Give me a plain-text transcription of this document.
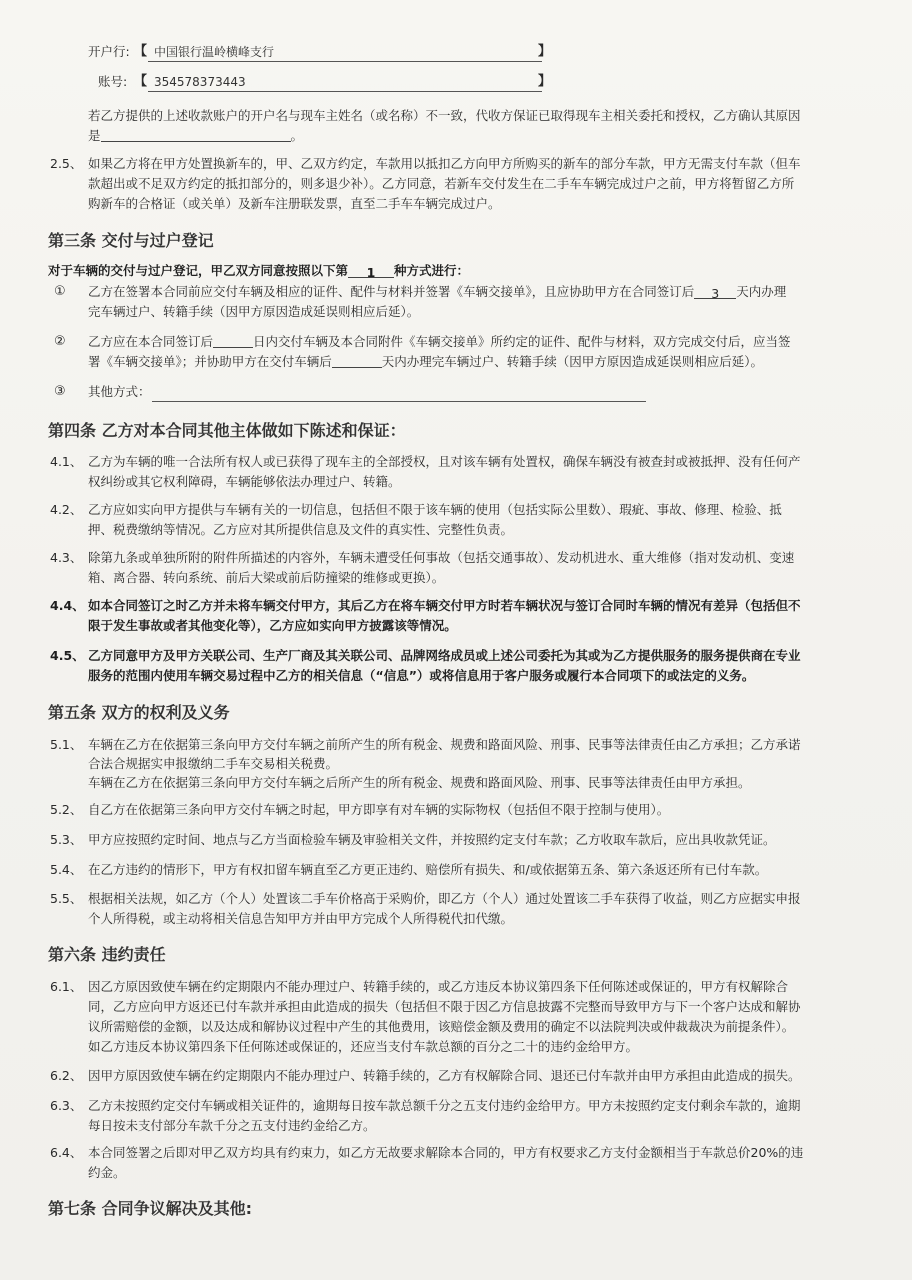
开户行: 【 中国银行温岭横峰支行	】
账号: 【 354578373443	】
若乙方提供的上述收款账户的开户名与现车主姓名（或名称）不一致，代收方保证已取得现车主相关委托和授权，乙方确认其原因
是	。
2.5、 如果乙方将在甲方处置换新车的，甲、乙双方约定，车款用以抵扣乙方向甲方所购买的新车的部分车款，甲方无需支付车款（但车
款超出或不足双方约定的抵扣部分的，则多退少补）。乙方同意，若新车交付发生在二手车车辆完成过户之前，甲方将暂留乙方所
购新车的合格证（或关单）及新车注册联发票，直至二手车车辆完成过户。
第三条 交付与过户登记
对于车辆的交付与过户登记，甲乙双方同意按照以下第 1 种方式进行：
① 乙方在签署本合同前应交付车辆及相应的证件、配件与材料并签署《车辆交接单》，且应协助甲方在合同签订后 3 天内办理
完车辆过户、转籍手续（因甲方原因造成延误则相应后延）。
② 乙方应在本合同签订后	日内交付车辆及本合同附件《车辆交接单》所约定的证件、配件与材料，双方完成交付后，应当签
署《车辆交接单》；并协助甲方在交付车辆后	天内办理完车辆过户、转籍手续（因甲方原因造成延误则相应后延）。
③ 其他方式：
第四条 乙方对本合同其他主体做如下陈述和保证：
4.1、 乙方为车辆的唯一合法所有权人或已获得了现车主的全部授权，且对该车辆有处置权，确保车辆没有被查封或被抵押、没有任何产
权纠纷或其它权利障碍，车辆能够依法办理过户、转籍。
4.2、 乙方应如实向甲方提供与车辆有关的一切信息，包括但不限于该车辆的使用（包括实际公里数）、瑕疵、事故、修理、检验、抵
押、税费缴纳等情况。乙方应对其所提供信息及文件的真实性、完整性负责。
4.3、 除第九条或单独所附的附件所描述的内容外，车辆未遭受任何事故（包括交通事故）、发动机进水、重大维修（指对发动机、变速
箱、离合器、转向系统、前后大梁或前后防撞梁的维修或更换）。
4.4、 如本合同签订之时乙方并未将车辆交付甲方，其后乙方在将车辆交付甲方时若车辆状况与签订合同时车辆的情况有差异（包括但不
限于发生事故或者其他变化等），乙方应如实向甲方披露该等情况。
4.5、 乙方同意甲方及甲方关联公司、生产厂商及其关联公司、品牌网络成员或上述公司委托为其或为乙方提供服务的服务提供商在专业
服务的范围内使用车辆交易过程中乙方的相关信息（“信息”）或将信息用于客户服务或履行本合同项下的或法定的义务。
第五条 双方的权利及义务
5.1、 车辆在乙方在依据第三条向甲方交付车辆之前所产生的所有税金、规费和路面风险、刑事、民事等法律责任由乙方承担；乙方承诺
合法合规据实申报缴纳二手车交易相关税费。
车辆在乙方在依据第三条向甲方交付车辆之后所产生的所有税金、规费和路面风险、刑事、民事等法律责任由甲方承担。
5.2、 自乙方在依据第三条向甲方交付车辆之时起，甲方即享有对车辆的实际物权（包括但不限于控制与使用）。
5.3、 甲方应按照约定时间、地点与乙方当面检验车辆及审验相关文件，并按照约定支付车款；乙方收取车款后，应出具收款凭证。
5.4、 在乙方违约的情形下，甲方有权扣留车辆直至乙方更正违约、赔偿所有损失、和/或依据第五条、第六条返还所有已付车款。
5.5、 根据相关法规，如乙方（个人）处置该二手车价格高于采购价，即乙方（个人）通过处置该二手车获得了收益，则乙方应据实申报
个人所得税，或主动将相关信息告知甲方并由甲方完成个人所得税代扣代缴。
第六条 违约责任
6.1、 因乙方原因致使车辆在约定期限内不能办理过户、转籍手续的，或乙方违反本协议第四条下任何陈述或保证的，甲方有权解除合
同，乙方应向甲方返还已付车款并承担由此造成的损失（包括但不限于因乙方信息披露不完整而导致甲方与下一个客户达成和解协
议所需赔偿的金额，以及达成和解协议过程中产生的其他费用，该赔偿金额及费用的确定不以法院判决或仲裁裁决为前提条件）。
如乙方违反本协议第四条下任何陈述或保证的，还应当支付车款总额的百分之二十的违约金给甲方。
6.2、 因甲方原因致使车辆在约定期限内不能办理过户、转籍手续的，乙方有权解除合同、退还已付车款并由甲方承担由此造成的损失。
6.3、 乙方未按照约定交付车辆或相关证件的，逾期每日按车款总额千分之五支付违约金给甲方。甲方未按照约定支付剩余车款的，逾期
每日按未支付部分车款千分之五支付违约金给乙方。
6.4、 本合同签署之后即对甲乙双方均具有约束力，如乙方无故要求解除本合同的，甲方有权要求乙方支付金额相当于车款总价20%的违
约金。
第七条 合同争议解决及其他:
